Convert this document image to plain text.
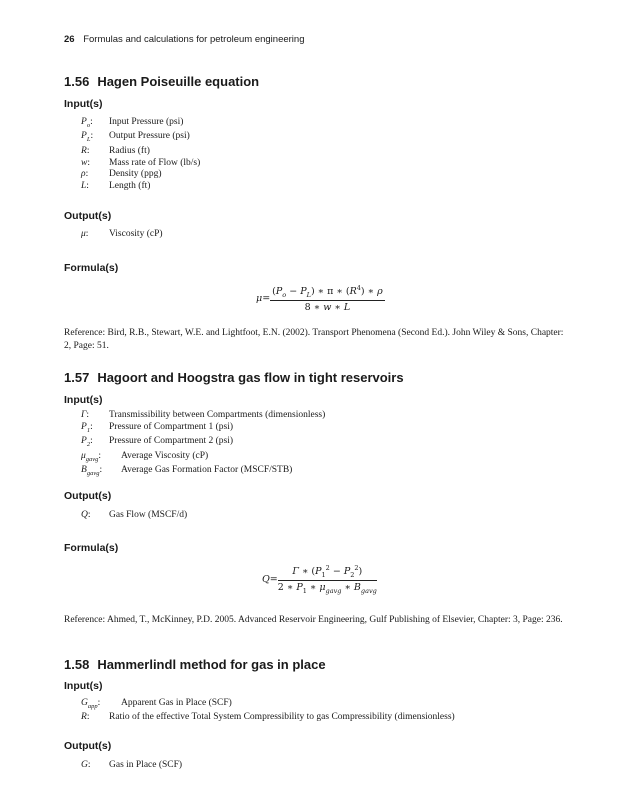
26 Formulas and calculations for petroleum engineering
1.56 Hagen Poiseuille equation
Input(s)
$P_o$: Input Pressure (psi)
$P_L$: Output Pressure (psi)
R: Radius (ft)
w: Mass rate of Flow (lb/s)
ρ: Density (ppg)
L: Length (ft)
Output(s)
μ: Viscosity (cP)
Formula(s)
$\mu= \frac{(P_o - P_L) ∗ \pi ∗ (R^4) ∗ \rho}{8 ∗ w ∗ L}$
Reference: Bird, R.B., Stewart, W.E. and Lightfoot, E.N. (2002). Transport Phenomena (Second Ed.). John Wiley & Sons, Chapter: 2, Page: 51.
1.57 Hagoort and Hoogstra gas flow in tight reservoirs
Input(s)
Γ: Transmissibility between Compartments (dimensionless)
$P_1$: Pressure of Compartment 1 (psi)
$P_2$: Pressure of Compartment 2 (psi)
$\mu_{gavg}$: Average Viscosity (cP)
$B_{gavg}$: Average Gas Formation Factor (MSCF/STB)
Output(s)
Q: Gas Flow (MSCF/d)
Formula(s)
$Q= \frac{\Gamma ∗ (P_1^2 - P_2^2)}{2 ∗ P_1 ∗ \mu_{gavg} ∗ B_{gavg}}$
Reference: Ahmed, T., McKinney, P.D. 2005. Advanced Reservoir Engineering, Gulf Publishing of Elsevier, Chapter: 3, Page: 236.
1.58 Hammerlindl method for gas in place
Input(s)
$G_{app}$: Apparent Gas in Place (SCF)
R: Ratio of the effective Total System Compressibility to gas Compressibility (dimensionless)
Output(s)
G: Gas in Place (SCF)
